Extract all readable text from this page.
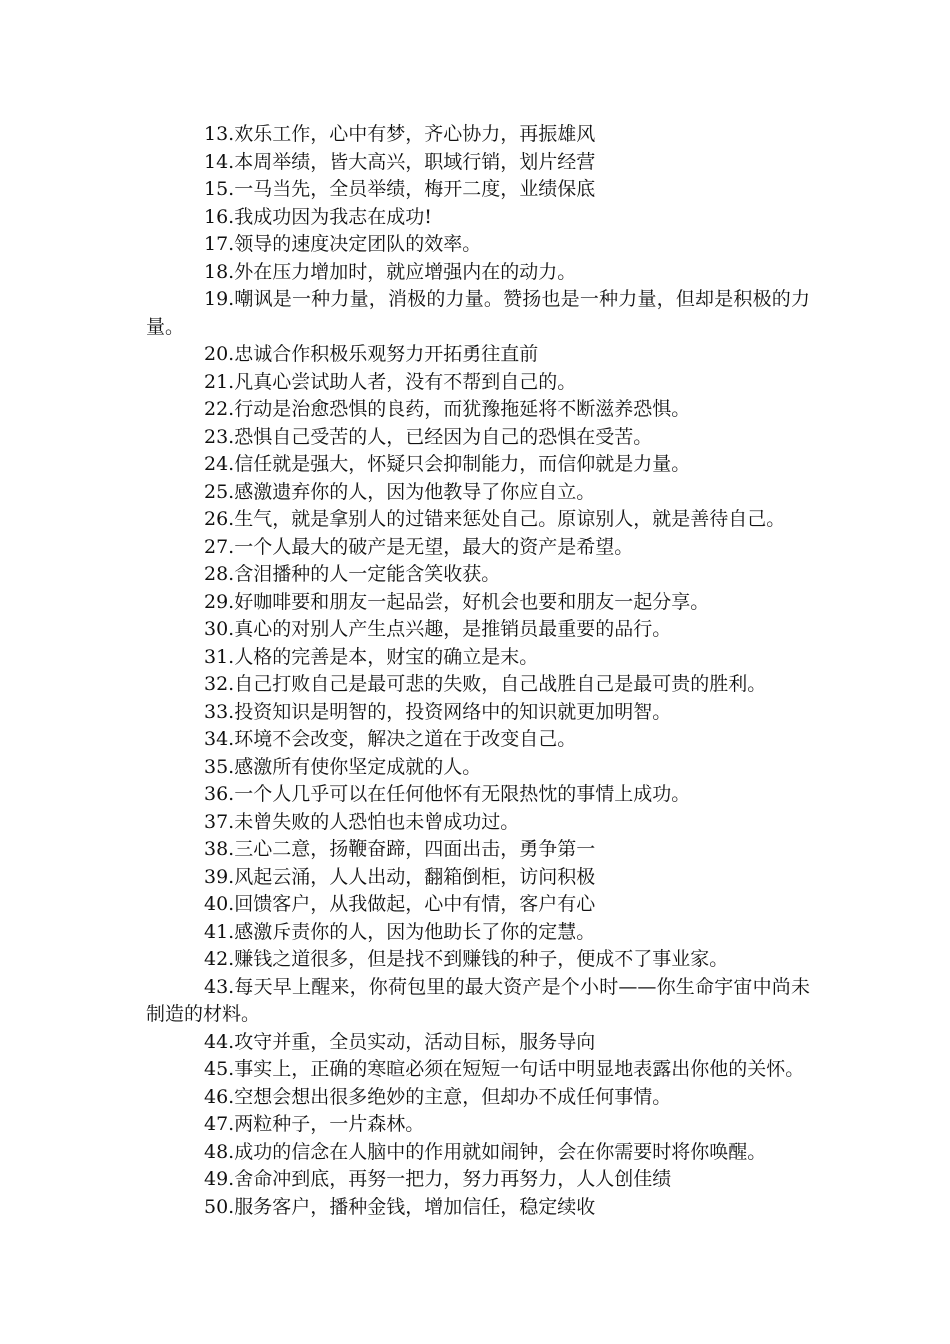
13.欢乐工作，心中有梦，齐心协力，再振雄风

14.本周举绩，皆大高兴，职域行销，划片经营

15.一马当先，全员举绩，梅开二度，业绩保底

16.我成功因为我志在成功!

17.领导的速度决定团队的效率。

18.外在压力增加时，就应增强内在的动力。

19.嘲讽是一种力量，消极的力量。赞扬也是一种力量，但却是积极的力量。

20.忠诚合作积极乐观努力开拓勇往直前

21.凡真心尝试助人者，没有不帮到自己的。

22.行动是治愈恐惧的良药，而犹豫拖延将不断滋养恐惧。

23.恐惧自己受苦的人，已经因为自己的恐惧在受苦。

24.信任就是强大，怀疑只会抑制能力，而信仰就是力量。

25.感激遗弃你的人，因为他教导了你应自立。

26.生气，就是拿别人的过错来惩处自己。原谅别人，就是善待自己。

27.一个人最大的破产是无望，最大的资产是希望。

28.含泪播种的人一定能含笑收获。

29.好咖啡要和朋友一起品尝，好机会也要和朋友一起分享。

30.真心的对别人产生点兴趣，是推销员最重要的品行。

31.人格的完善是本，财宝的确立是末。

32.自己打败自己是最可悲的失败，自己战胜自己是最可贵的胜利。

33.投资知识是明智的，投资网络中的知识就更加明智。

34.环境不会改变，解决之道在于改变自己。

35.感激所有使你坚定成就的人。

36.一个人几乎可以在任何他怀有无限热忱的事情上成功。

37.未曾失败的人恐怕也未曾成功过。

38.三心二意，扬鞭奋蹄，四面出击，勇争第一

39.风起云涌，人人出动，翻箱倒柜，访问积极

40.回馈客户，从我做起，心中有情，客户有心

41.感激斥责你的人，因为他助长了你的定慧。

42.赚钱之道很多，但是找不到赚钱的种子，便成不了事业家。

43.每天早上醒来，你荷包里的最大资产是个小时——你生命宇宙中尚未制造的材料。

44.攻守并重，全员实动，活动目标，服务导向

45.事实上，正确的寒暄必须在短短一句话中明显地表露出你他的关怀。

46.空想会想出很多绝妙的主意，但却办不成任何事情。

47.两粒种子，一片森林。

48.成功的信念在人脑中的作用就如闹钟，会在你需要时将你唤醒。

49.舍命冲到底，再努一把力，努力再努力，人人创佳绩

50.服务客户，播种金钱，增加信任，稳定续收
